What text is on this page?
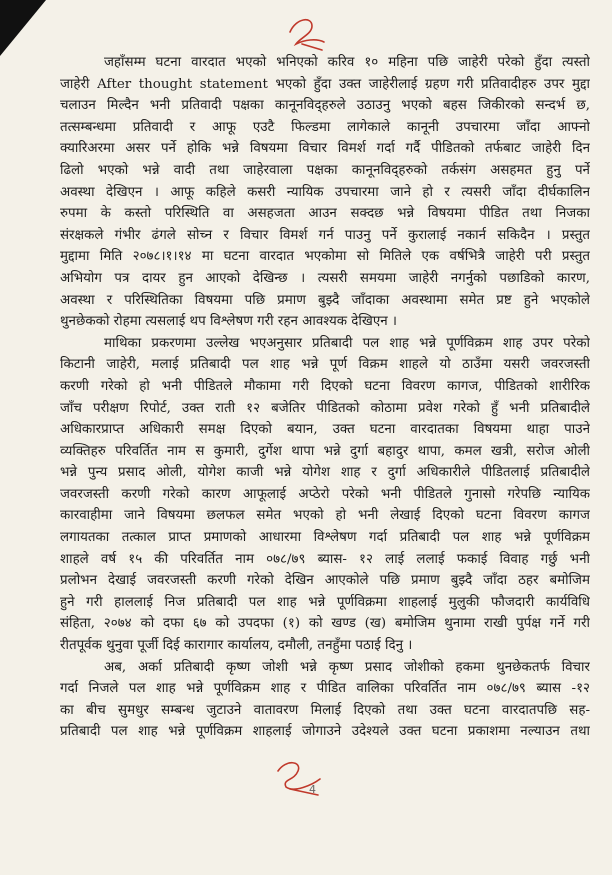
जहाँसम्म घटना वारदात भएको भनिएको करिव १० महिना पछि जाहेरी परेको हुँदा त्यस्तो
जाहेरी After thought statement भएको हुँदा उक्त जाहेरीलाई ग्रहण गरी प्रतिवादीहरु उपर मुद्दा
चलाउन मिल्दैन भनी प्रतिवादी पक्षका कानूनविद्हरुले उठाउनु भएको बहस जिकीरको सन्दर्भ छ,
तत्सम्बन्धमा प्रतिवादी र आफू एउटै फिल्डमा लागेकाले कानूनी उपचारमा जाँदा आफ्नो
क्यारिअरमा असर पर्ने होकि भन्ने विषयमा विचार विमर्श गर्दा गर्दै पीडितको तर्फबाट जाहेरी दिन
ढिलो भएको भन्ने वादी तथा जाहेरवाला पक्षका कानूनविद्हरुको तर्कसंग असहमत हुनु पर्ने
अवस्था देखिएन । आफू कहिले कसरी न्यायिक उपचारमा जाने हो र त्यसरी जाँदा दीर्घकालिन
रुपमा के कस्तो परिस्थिति वा असहजता आउन सक्दछ भन्ने विषयमा पीडित तथा निजका
संरक्षकले गंभीर ढंगले सोच्न र विचार विमर्श गर्न पाउनु पर्ने कुरालाई नकार्न सकिदैन । प्रस्तुत
मुद्दामा मिति २०७८।१।१४ मा घटना वारदात भएकोमा सो मितिले एक वर्षभित्रै जाहेरी परी प्रस्तुत
अभियोग पत्र दायर हुन आएको देखिन्छ । त्यसरी समयमा जाहेरी नगर्नुको पछाडिको कारण,
अवस्था र परिस्थितिका विषयमा पछि प्रमाण बुझ्दै जाँदाका अवस्थामा समेत प्रष्ट हुने भएकोले
थुनछेकको रोहमा त्यसलाई थप विश्लेषण गरी रहन आवश्यक देखिएन ।
माथिका प्रकरणमा उल्लेख भएअनुसार प्रतिबादी पल शाह भन्ने पूर्णविक्रम शाह उपर परेको
किटानी जाहेरी, मलाई प्रतिबादी पल शाह भन्ने पूर्ण विक्रम शाहले यो ठाउँमा यसरी जवरजस्ती
करणी गरेको हो भनी पीडितले मौकामा गरी दिएको घटना विवरण कागज, पीडितको शारीरिक
जाँच परीक्षण रिपोर्ट, उक्त राती १२ बजेतिर पीडितको कोठामा प्रवेश गरेको हुँ भनी प्रतिबादीले
अधिकारप्राप्त अधिकारी समक्ष दिएको बयान, उक्त घटना वारदातका विषयमा थाहा पाउने
व्यक्तिहरु परिवर्तित नाम स कुमारी, दुर्गेश थापा भन्ने दुर्गा बहादुर थापा, कमल खत्री, सरोज ओली
भन्ने पुन्य प्रसाद ओली, योगेश काजी भन्ने योगेश शाह र दुर्गा अधिकारीले पीडितलाई प्रतिबादीले
जवरजस्ती करणी गरेको कारण आफूलाई अप्ठेरो परेको भनी पीडितले गुनासो गरेपछि न्यायिक
कारवाहीमा जाने विषयमा छलफल समेत भएको हो भनी लेखाई दिएको घटना विवरण कागज
लगायतका तत्काल प्राप्त प्रमाणको आधारमा विश्लेषण गर्दा प्रतिबादी पल शाह भन्ने पूर्णविक्रम
शाहले वर्ष १५ की परिवर्तित नाम ०७८/७९ ब्यास- १२ लाई ललाई फकाई विवाह गर्छु भनी
प्रलोभन देखाई जवरजस्ती करणी गरेको देखिन आएकोले पछि प्रमाण बुझ्दै जाँदा ठहर बमोजिम
हुने गरी हाललाई निज प्रतिबादी पल शाह भन्ने पूर्णविक्रमा शाहलाई मुलुकी फौजदारी कार्यविधि
संहिता, २०७४ को दफा ६७ को उपदफा (१) को खण्ड (ख) बमोजिम थुनामा राखी पुर्पक्ष गर्ने गरी
रीतपूर्वक थुनुवा पूर्जी दिई कारागार कार्यालय, दमौली, तनहुँमा पठाई दिनु ।
अब, अर्का प्रतिबादी कृष्ण जोशी भन्ने कृष्ण प्रसाद जोशीको हकमा थुनछेकतर्फ विचार
गर्दा निजले पल शाह भन्ने पूर्णविक्रम शाह र पीडित वालिका परिवर्तित नाम ०७८/७९ ब्यास -१२
का बीच सुमधुर सम्बन्ध जुटाउने वातावरण मिलाई दिएको तथा उक्त घटना वारदातपछि सह-
प्रतिबादी पल शाह भन्ने पूर्णविक्रम शाहलाई जोगाउने उदेश्यले उक्त घटना प्रकाशमा नल्याउन तथा
4
